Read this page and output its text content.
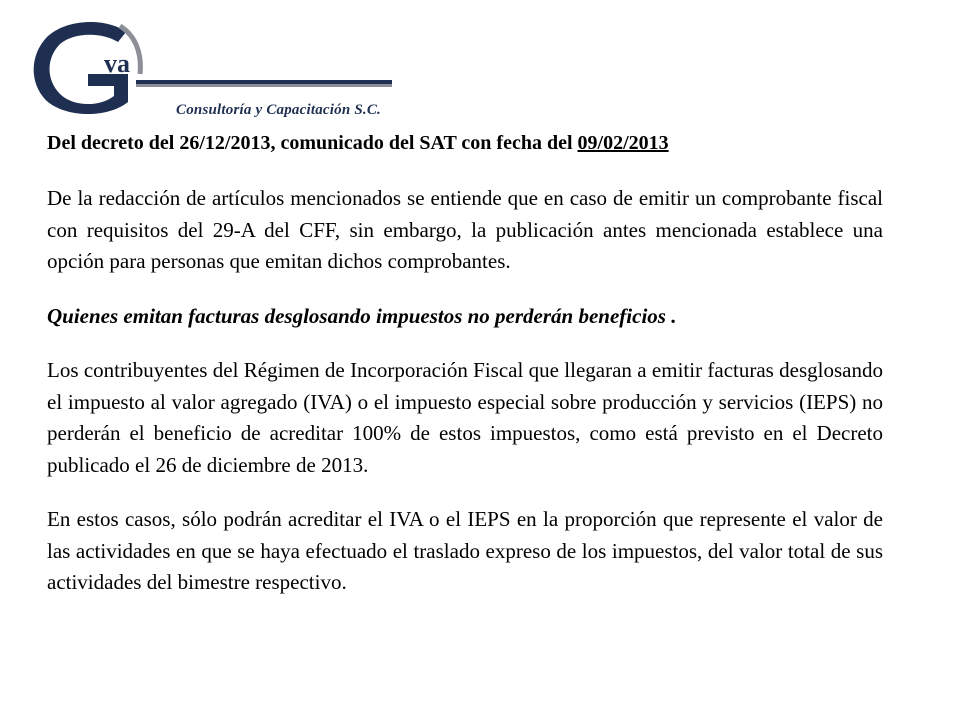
va
Consultoría y Capacitación S.C.

Del decreto del 26/12/2013, comunicado del SAT con fecha del 09/02/2013

De la redacción de artículos mencionados se entiende que en caso de emitir un comprobante fiscal con requisitos del 29-A del CFF, sin embargo, la publicación antes mencionada establece una opción para personas que emitan dichos comprobantes.

Quienes emitan facturas desglosando impuestos no perderán beneficios .

Los contribuyentes del Régimen de Incorporación Fiscal que llegaran a emitir facturas desglosando el impuesto al valor agregado (IVA) o el impuesto especial sobre producción y servicios (IEPS) no perderán el beneficio de acreditar 100% de estos impuestos, como está previsto en el Decreto publicado el 26 de diciembre de 2013.

En estos casos, sólo podrán acreditar el IVA o el IEPS en la proporción que represente el valor de las actividades en que se haya efectuado el traslado expreso de los impuestos, del valor total de sus actividades del bimestre respectivo.
